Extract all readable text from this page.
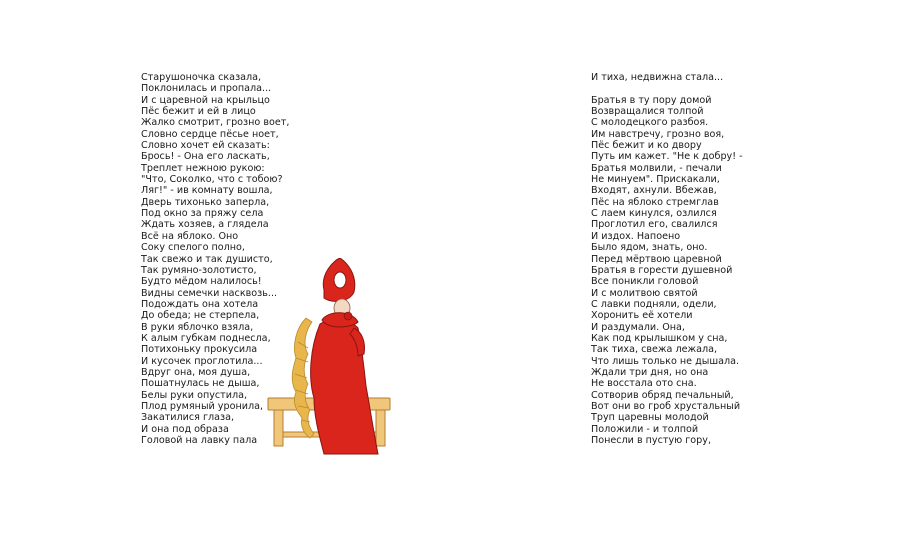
Старушоночка сказала,
Поклонилась и пропала...
И с царевной на крыльцо
Пёс бежит и ей в лицо
Жалко смотрит, грозно воет,
Словно сердце пёсье ноет,
Словно хочет ей сказать:
Брось! - Она его ласкать,
Треплет нежною рукою:
"Что, Соколко, что с тобою?
Ляг!" - ив комнату вошла,
Дверь тихонько заперла,
Под окно за пряжу села
Ждать хозяев, а глядела
Всё на яблоко. Оно
Соку спелого полно,
Так свежо и так душисто,
Так румяно-золотисто,
Будто мёдом налилось!
Видны семечки насквозь...
Подождать она хотела
До обеда; не стерпела,
В руки яблочко взяла,
К алым губкам поднесла,
Потихоньку прокусила
И кусочек проглотила...
Вдруг она, моя душа,
Пошатнулась не дыша,
Белы руки опустила,
Плод румяный уронила,
Закатилися глаза,
И она под образа
Головой на лавку пала
И тиха, недвижна стала...
Братья в ту пору домой
Возвращалися толпой
С молодецкого разбоя.
Им навстречу, грозно воя,
Пёс бежит и ко двору
Путь им кажет. "Не к добру! -
Братья молвили, - печали
Не минуем". Прискакали,
Входят, ахнули. Вбежав,
Пёс на яблоко стремглав
С лаем кинулся, озлился
Проглотил его, свалился
И издох. Напоено
Было ядом, знать, оно.
Перед мёртвою царевной
Братья в горести душевной
Все поникли головой
И с молитвою святой
С лавки подняли, одели,
Хоронить её хотели
И раздумали. Она,
Как под крылышком у сна,
Так тиха, свежа лежала,
Что лишь только не дышала.
Ждали три дня, но она
Не восстала ото сна.
Сотворив обряд печальный,
Вот они во гроб хрустальный
Труп царевны молодой
Положили - и толпой
Понесли в пустую гору,
